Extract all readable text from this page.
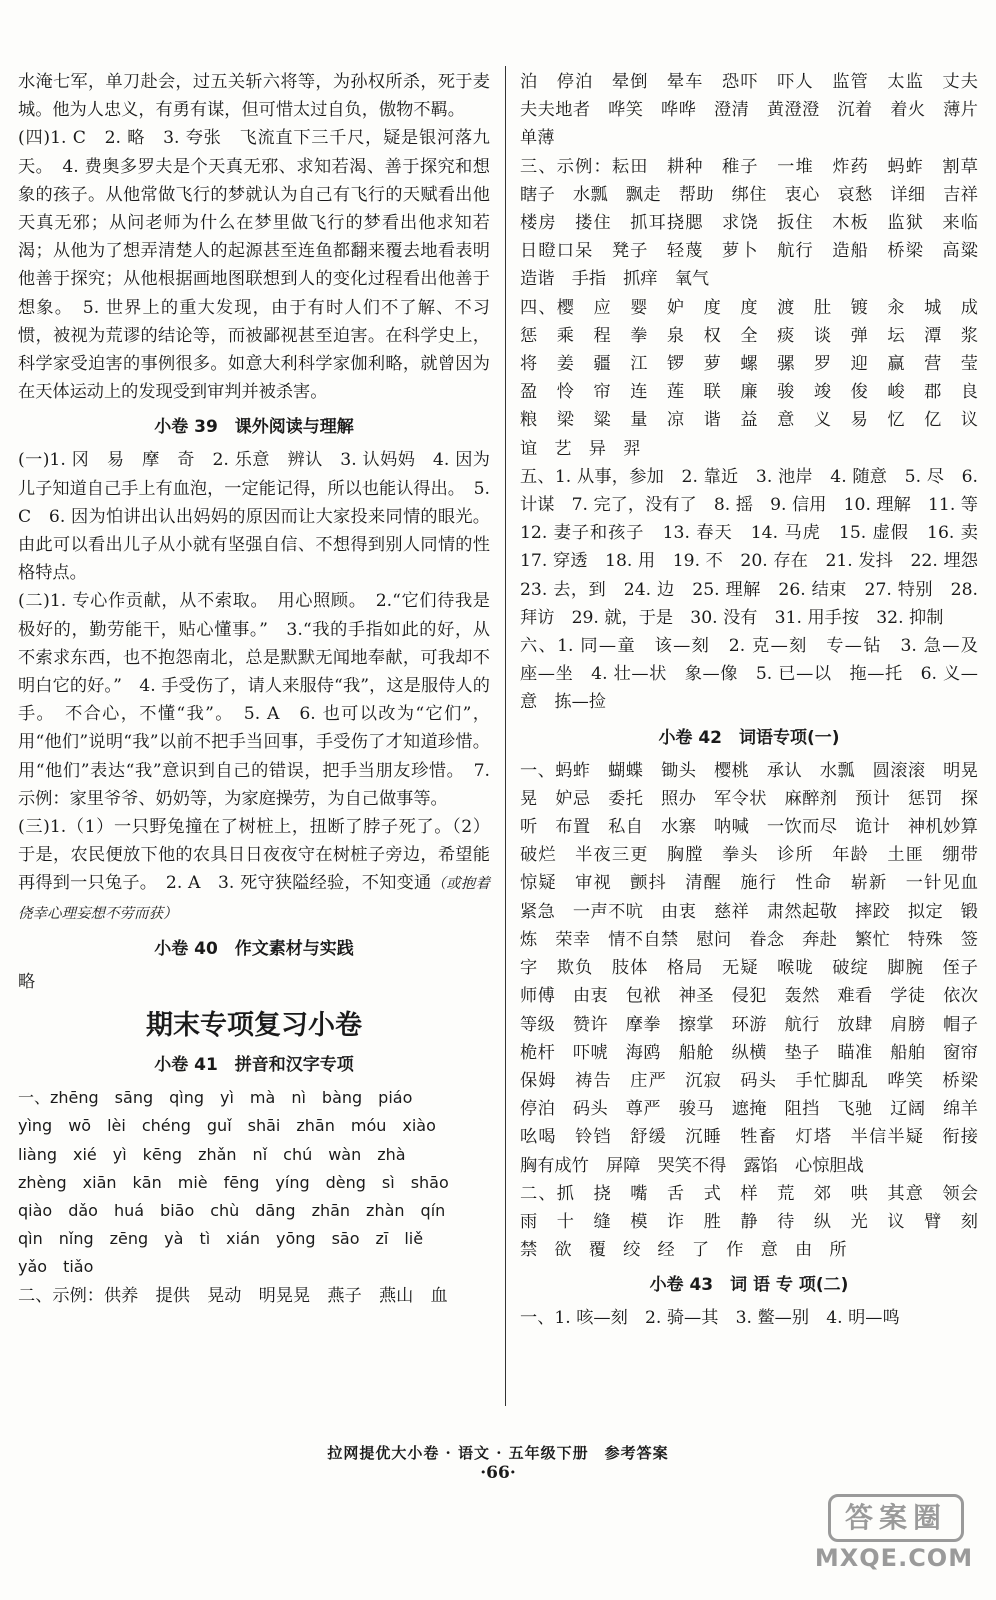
水淹七军，单刀赴会，过五关斩六将等，为孙权所杀，死于麦城。他为人忠义，有勇有谋，但可惜太过自负，傲物不羁。

(四)1. C　2. 略　3. 夸张　飞流直下三千尺，疑是银河落九天。　4. 费奥多罗夫是个天真无邪、求知若渴、善于探究和想象的孩子。从他常做飞行的梦就认为自己有飞行的天赋看出他天真无邪；从问老师为什么在梦里做飞行的梦看出他求知若渴；从他为了想弄清楚人的起源甚至连鱼都翻来覆去地看表明他善于探究；从他根据画地图联想到人的变化过程看出他善于想象。　5. 世界上的重大发现，由于有时人们不了解、不习惯，被视为荒谬的结论等，而被鄙视甚至迫害。在科学史上，科学家受迫害的事例很多。如意大利科学家伽利略，就曾因为在天体运动上的发现受到审判并被杀害。

小卷 39　课外阅读与理解

(一)1. 冈　易　摩　奇　2. 乐意　辨认　3. 认妈妈　4. 因为儿子知道自己手上有血泡，一定能记得，所以也能认得出。　5. C　6. 因为怕讲出认出妈妈的原因而让大家投来同情的眼光。由此可以看出儿子从小就有坚强自信、不想得到别人同情的性格特点。

(二)1. 专心作贡献，从不索取。　用心照顾。　2.“它们待我是极好的，勤劳能干，贴心懂事。”　3.“我的手指如此的好，从不索求东西，也不抱怨南北，总是默默无闻地奉献，可我却不明白它的好。”　4. 手受伤了，请人来服侍“我”，这是服侍人的手。　不合心，不懂“我”。　5. A　6. 也可以改为“它们”，用“他们”说明“我”以前不把手当回事，手受伤了才知道珍惜。用“他们”表达“我”意识到自己的错误，把手当朋友珍惜。　7. 示例：家里爷爷、奶奶等，为家庭操劳，为自己做事等。

(三)1.（1）一只野兔撞在了树桩上，扭断了脖子死了。（2）于是，农民便放下他的农具日日夜夜守在树桩子旁边，希望能再得到一只兔子。　2. A　3. 死守狭隘经验，不知变通（或抱着侥幸心理妄想不劳而获）

小卷 40　作文素材与实践

略

期末专项复习小卷
小卷 41　拼音和汉字专项

一、zhēng　sāng　qìng　yì　mà　nì　bàng　piáo

yìng　wō　lèi　chéng　guǐ　shāi　zhān　móu　xiào

liàng　xié　yì　kēng　zhǎn　nǐ　chú　wàn　zhà

zhèng　xiān　kān　miè　fēng　yíng　dèng　sì　shāo

qiào　dǎo　huá　biāo　chù　dāng　zhān　zhàn　qín

qìn　nǐng　zēng　yà　tì　xián　yōng　sāo　zī　liě

yǎo　tiǎo

二、示例：供养　提供　晃动　明晃晃　燕子　燕山　血

泊　停泊　晕倒　晕车　恐吓　吓人　监管　太监　丈夫　夫夫地者　哗笑　哗哗　澄清　黄澄澄　沉着　着火　薄片　单薄

三、示例：耘田　耕种　稚子　一堆　炸药　蚂蚱　割草　瞎子　水瓢　飘走　帮助　绑住　衷心　哀愁　详细　吉祥　楼房　搂住　抓耳挠腮　求饶　扳住　木板　监狱　来临　日瞪口呆　凳子　轻蔑　萝卜　航行　造船　桥梁　高粱　造谐　手指　抓痒　氧气

四、樱　应　婴　妒　度　度　渡　肚　镀　汆　城　成　惩　乘　程　拳　泉　权　全　痰　谈　弹　坛　潭　浆　将　姜　疆　江　锣　萝　螺　骡　罗　迎　赢　营　莹　盈　怜　帘　连　莲　联　廉　骏　竣　俊　峻　郡　良　粮　梁　粱　量　凉　谐　益　意　义　易　忆　亿　议　谊　艺　异　羿

五、1. 从事，参加　2. 靠近　3. 池岸　4. 随意　5. 尽　6. 计谋　7. 完了，没有了　8. 摇　9. 信用　10. 理解　11. 等　12. 妻子和孩子　13. 春天　14. 马虎　15. 虚假　16. 卖　17. 穿透　18. 用　19. 不　20. 存在　21. 发抖　22. 埋怨　23. 去，到　24. 边　25. 理解　26. 结束　27. 特别　28. 拜访　29. 就，于是　30. 没有　31. 用手按　32. 抑制

六、1. 同—童　该—刻　2. 克—刻　专—钻　3. 急—及　座—坐　4. 壮—状　象—像　5. 已—以　拖—托　6. 义—意　拣—捡

小卷 42　词语专项(一)

一、蚂蚱　蝴蝶　锄头　樱桃　承认　水瓢　圆滚滚　明晃晃　妒忌　委托　照办　军令状　麻醉剂　预计　惩罚　探听　布置　私自　水寨　呐喊　一饮而尽　诡计　神机妙算　破烂　半夜三更　胸膛　拳头　诊所　年龄　土匪　绷带　惊疑　审视　颤抖　清醒　施行　性命　崭新　一针见血　紧急　一声不吭　由衷　慈祥　肃然起敬　摔跤　拟定　锻炼　荣幸　情不自禁　慰问　眷念　奔赴　繁忙　特殊　签字　欺负　肢体　格局　无疑　喉咙　破绽　脚腕　侄子　师傅　由衷　包袱　神圣　侵犯　轰然　难看　学徒　依次　等级　赞许　摩拳　擦掌　环游　航行　放肆　肩膀　帽子　桅杆　吓唬　海鸥　船舱　纵横　垫子　瞄准　船舶　窗帘　保姆　祷告　庄严　沉寂　码头　手忙脚乱　哗笑　桥梁　停泊　码头　尊严　骏马　遮掩　阻挡　飞驰　辽阔　绵羊　吆喝　铃铛　舒缓　沉睡　牲畜　灯塔　半信半疑　衔接　胸有成竹　屏障　哭笑不得　露馅　心惊胆战

二、抓　挠　嘴　舌　式　样　荒　郊　哄　其意　领会　雨　十　缝　模　诈　胜　静　待　纵　光　议　臂　刻　禁　欲　覆　绞　经　了　作　意　由　所

小卷 43　词 语 专 项(二)

一、1. 咳—刻　2. 骑—其　3. 鳖—别　4. 明—鸣

拉网提优大小卷 · 语文 · 五年级下册　参考答案
·66·
答案圈
MXQE.COM
